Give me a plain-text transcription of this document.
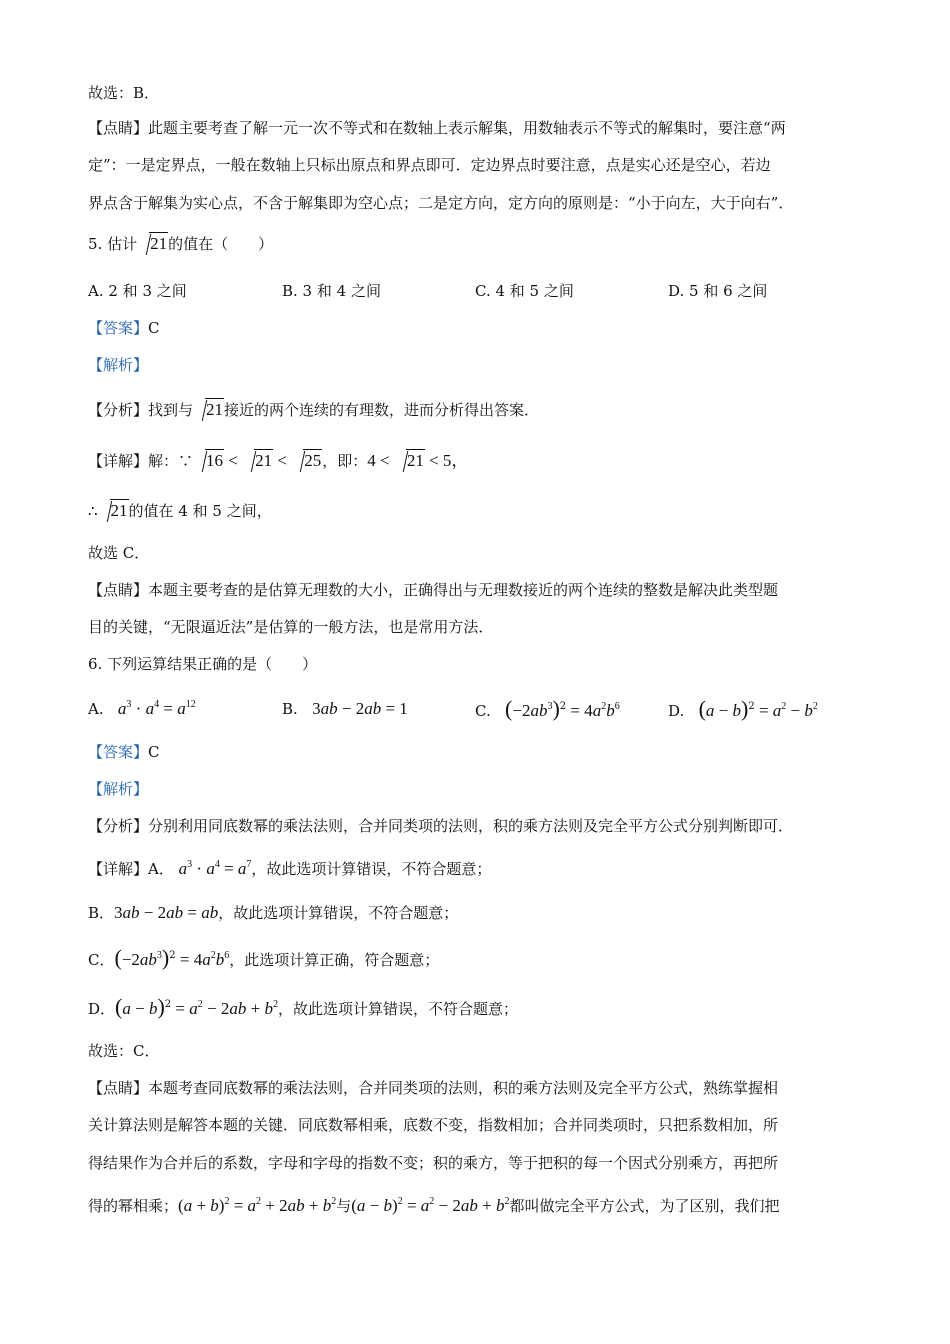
故选：B．
【点睛】此题主要考查了解一元一次不等式和在数轴上表示解集，用数轴表示不等式的解集时，要注意“两
定”：一是定界点，一般在数轴上只标出原点和界点即可．定边界点时要注意，点是实心还是空心，若边
界点含于解集为实心点，不含于解集即为空心点；二是定方向，定方向的原则是：“小于向左，大于向右”．
5. 估计 21的值在（　　）
A. 2 和 3 之间	B. 3 和 4 之间	C. 4 和 5 之间	D. 5 和 6 之间
【答案】C
【解析】
【分析】找到与 21接近的两个连续的有理数，进而分析得出答案．
【详解】解：∵ 16 < 21 < 25，即：4 < 21 < 5，
∴ 21的值在 4 和 5 之间，
故选 C．
【点睛】本题主要考查的是估算无理数的大小，正确得出与无理数接近的两个连续的整数是解决此类型题
目的关键，“无限逼近法”是估算的一般方法，也是常用方法．
6. 下列运算结果正确的是（　　）
A. $a^3 \cdot a^4 = a^{12}$	B. 3ab − 2ab = 1	C. $(-2ab^3)^2 = 4a^2b^6$	D. $(a - b)^2 = a^2 - b^2$
【答案】C
【解析】
【分析】分别利用同底数幂的乘法法则，合并同类项的法则，积的乘方法则及完全平方公式分别判断即可．
【详解】A． $a^3 \cdot a^4 = a^7$，故此选项计算错误，不符合题意；
B．3ab − 2ab = ab，故此选项计算错误，不符合题意；
C．$(-2ab^3)^2 = 4a^2b^6$，此选项计算正确，符合题意；
D．$(a - b)^2 = a^2 - 2ab + b^2$，故此选项计算错误，不符合题意；
故选：C．
【点睛】本题考查同底数幂的乘法法则，合并同类项的法则，积的乘方法则及完全平方公式，熟练掌握相
关计算法则是解答本题的关键．同底数幂相乘，底数不变，指数相加；合并同类项时，只把系数相加，所
得结果作为合并后的系数，字母和字母的指数不变；积的乘方，等于把积的每一个因式分别乘方，再把所
得的幂相乘；$(a + b)^2 = a^2 + 2ab + b^2$与$(a - b)^2 = a^2 - 2ab + b^2$都叫做完全平方公式，为了区别，我们把
